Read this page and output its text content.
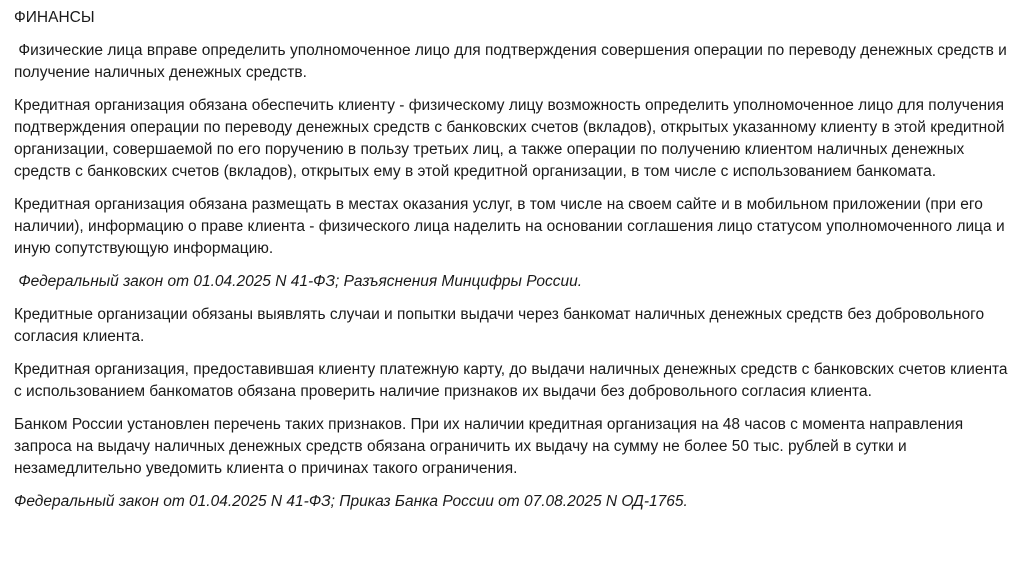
ФИНАНСЫ

Физические лица вправе определить уполномоченное лицо для подтверждения совершения операции по переводу денежных средств и получение наличных денежных средств.

Кредитная организация обязана обеспечить клиенту - физическому лицу возможность определить уполномоченное лицо для получения подтверждения операции по переводу денежных средств с банковских счетов (вкладов), открытых указанному клиенту в этой кредитной организации, совершаемой по его поручению в пользу третьих лиц, а также операции по получению клиентом наличных денежных средств с банковских счетов (вкладов), открытых ему в этой кредитной организации, в том числе с использованием банкомата.

Кредитная организация обязана размещать в местах оказания услуг, в том числе на своем сайте и в мобильном приложении (при его наличии), информацию о праве клиента - физического лица наделить на основании соглашения лицо статусом уполномоченного лица и иную сопутствующую информацию.

Федеральный закон от 01.04.2025 N 41-ФЗ; Разъяснения Минцифры России.

Кредитные организации обязаны выявлять случаи и попытки выдачи через банкомат наличных денежных средств без добровольного согласия клиента.

Кредитная организация, предоставившая клиенту платежную карту, до выдачи наличных денежных средств с банковских счетов клиента с использованием банкоматов обязана проверить наличие признаков их выдачи без добровольного согласия клиента.

Банком России установлен перечень таких признаков. При их наличии кредитная организация на 48 часов с момента направления запроса на выдачу наличных денежных средств обязана ограничить их выдачу на сумму не более 50 тыс. рублей в сутки и незамедлительно уведомить клиента о причинах такого ограничения.

Федеральный закон от 01.04.2025 N 41-ФЗ; Приказ Банка России от 07.08.2025 N ОД-1765.
